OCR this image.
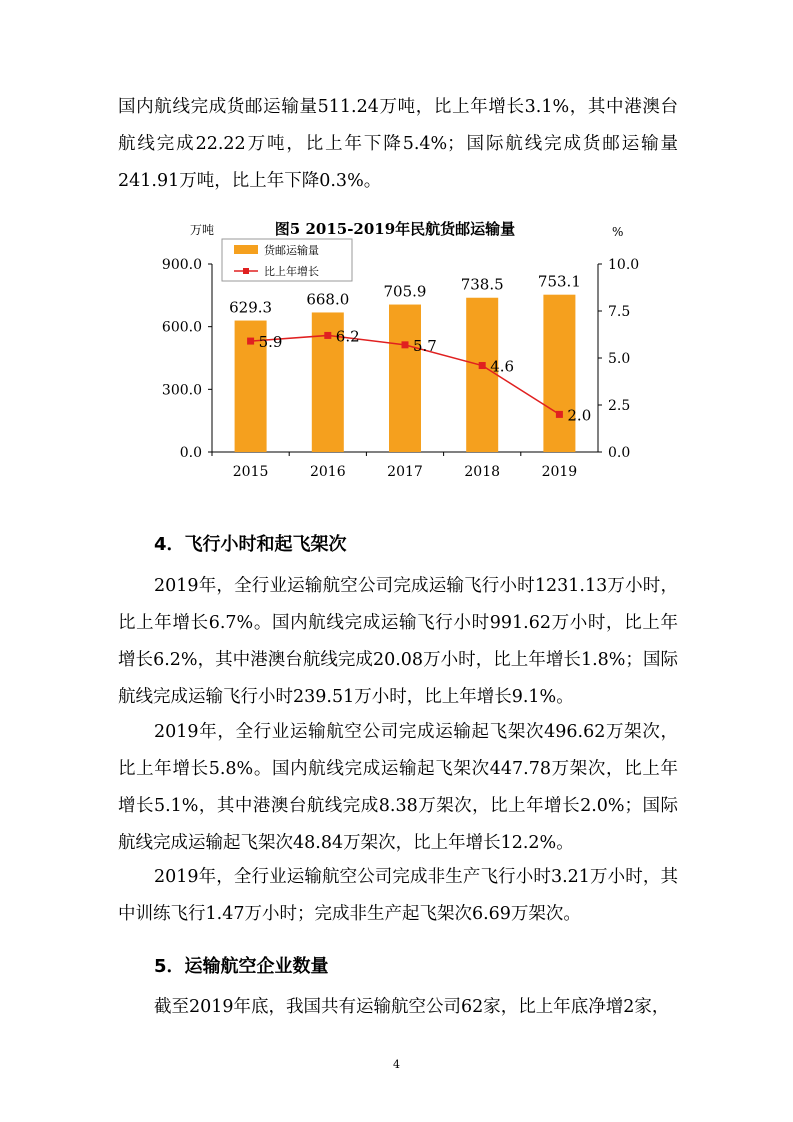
国内航线完成货邮运输量511.24万吨，比上年增长3.1%，其中港澳台航线完成22.22万吨，比上年下降5.4%；国际航线完成货邮运输量241.91万吨，比上年下降0.3%。

图5 2015-2019年民航货邮运输量
万吨	%
货邮运输量
比上年增长
0.0
300.0
600.0
900.0
0.0
2.5
5.0
7.5
10.0
629.3 668.0 705.9 738.5 753.1
2015	2016	2017	2018	2019
5.9	6.2
5.7
4.6
2.0
4．飞行小时和起飞架次

2019年，全行业运输航空公司完成运输飞行小时1231.13万小时，比上年增长6.7%。国内航线完成运输飞行小时991.62万小时，比上年增长6.2%，其中港澳台航线完成20.08万小时，比上年增长1.8%；国际航线完成运输飞行小时239.51万小时，比上年增长9.1%。

2019年，全行业运输航空公司完成运输起飞架次496.62万架次，比上年增长5.8%。国内航线完成运输起飞架次447.78万架次，比上年增长5.1%，其中港澳台航线完成8.38万架次，比上年增长2.0%；国际航线完成运输起飞架次48.84万架次，比上年增长12.2%。

2019年，全行业运输航空公司完成非生产飞行小时3.21万小时，其中训练飞行1.47万小时；完成非生产起飞架次6.69万架次。

5．运输航空企业数量

截至2019年底，我国共有运输航空公司62家，比上年底净增2家，

4
